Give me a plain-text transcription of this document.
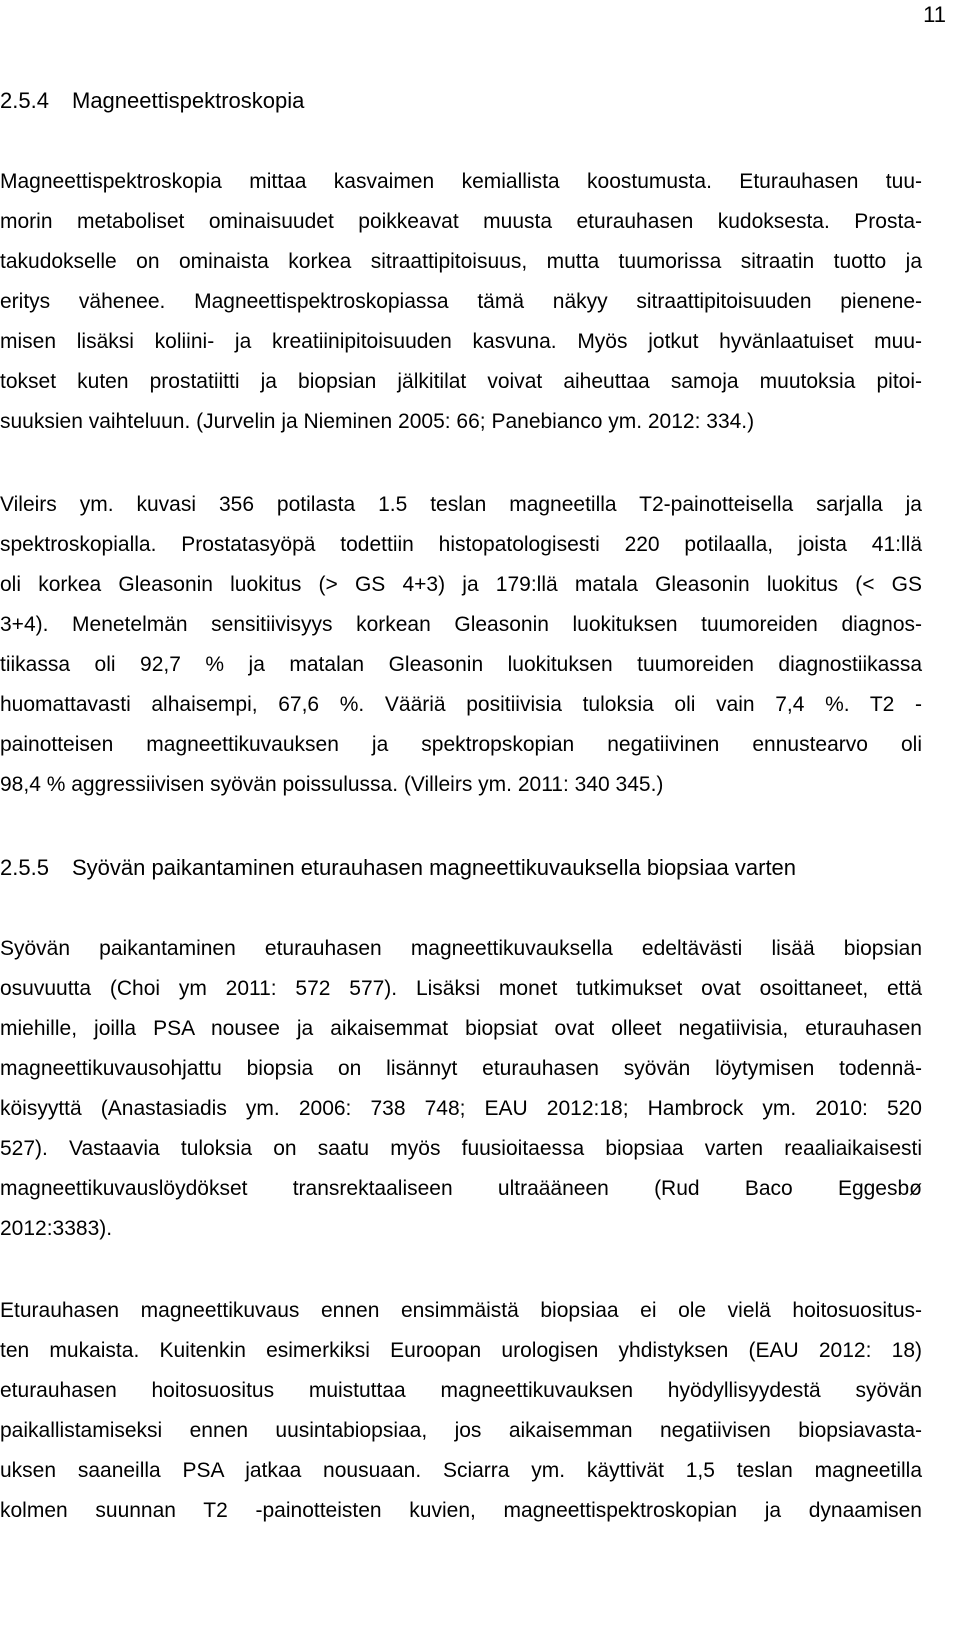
11
2.5.4 Magneettispektroskopia
Magneettispektroskopia mittaa kasvaimen kemiallista koostumusta. Eturauhasen tuu-
morin metaboliset ominaisuudet poikkeavat muusta eturauhasen kudoksesta. Prosta-
takudokselle on ominaista korkea sitraattipitoisuus, mutta tuumorissa sitraatin tuotto ja
eritys vähenee. Magneettispektroskopiassa tämä näkyy sitraattipitoisuuden pienene-
misen lisäksi koliini- ja kreatiinipitoisuuden kasvuna. Myös jotkut hyvänlaatuiset muu-
tokset kuten prostatiitti ja biopsian jälkitilat voivat aiheuttaa samoja muutoksia pitoi-
suuksien vaihteluun. (Jurvelin ja Nieminen 2005: 66; Panebianco ym. 2012: 334.)
Vileirs ym. kuvasi 356 potilasta 1.5 teslan magneetilla T2-painotteisella sarjalla ja
spektroskopialla. Prostatasyöpä todettiin histopatologisesti 220 potilaalla, joista 41:llä
oli korkea Gleasonin luokitus (> GS 4+3) ja 179:llä matala Gleasonin luokitus (< GS
3+4). Menetelmän sensitiivisyys korkean Gleasonin luokituksen tuumoreiden diagnos-
tiikassa oli 92,7 % ja matalan Gleasonin luokituksen tuumoreiden diagnostiikassa
huomattavasti alhaisempi, 67,6 %. Vääriä positiivisia tuloksia oli vain 7,4 %. T2 -
painotteisen magneettikuvauksen ja spektropskopian negatiivinen ennustearvo oli
98,4 % aggressiivisen syövän poissulussa. (Villeirs ym. 2011: 340 345.)
2.5.5 Syövän paikantaminen eturauhasen magneettikuvauksella biopsiaa varten
Syövän paikantaminen eturauhasen magneettikuvauksella edeltävästi lisää biopsian
osuvuutta (Choi ym 2011: 572 577). Lisäksi monet tutkimukset ovat osoittaneet, että
miehille, joilla PSA nousee ja aikaisemmat biopsiat ovat olleet negatiivisia, eturauhasen
magneettikuvausohjattu biopsia on lisännyt eturauhasen syövän löytymisen todennä-
köisyyttä (Anastasiadis ym. 2006: 738 748; EAU 2012:18; Hambrock ym. 2010: 520
527). Vastaavia tuloksia on saatu myös fuusioitaessa biopsiaa varten reaaliaikaisesti
magneettikuvauslöydökset transrektaaliseen ultraääneen (Rud Baco Eggesbø
2012:3383).
Eturauhasen magneettikuvaus ennen ensimmäistä biopsiaa ei ole vielä hoitosuositus-
ten mukaista. Kuitenkin esimerkiksi Euroopan urologisen yhdistyksen (EAU 2012: 18)
eturauhasen hoitosuositus muistuttaa magneettikuvauksen hyödyllisyydestä syövän
paikallistamiseksi ennen uusintabiopsiaa, jos aikaisemman negatiivisen biopsiavasta-
uksen saaneilla PSA jatkaa nousuaan. Sciarra ym. käyttivät 1,5 teslan magneetilla
kolmen suunnan T2 -painotteisten kuvien, magneettispektroskopian ja dynaamisen
